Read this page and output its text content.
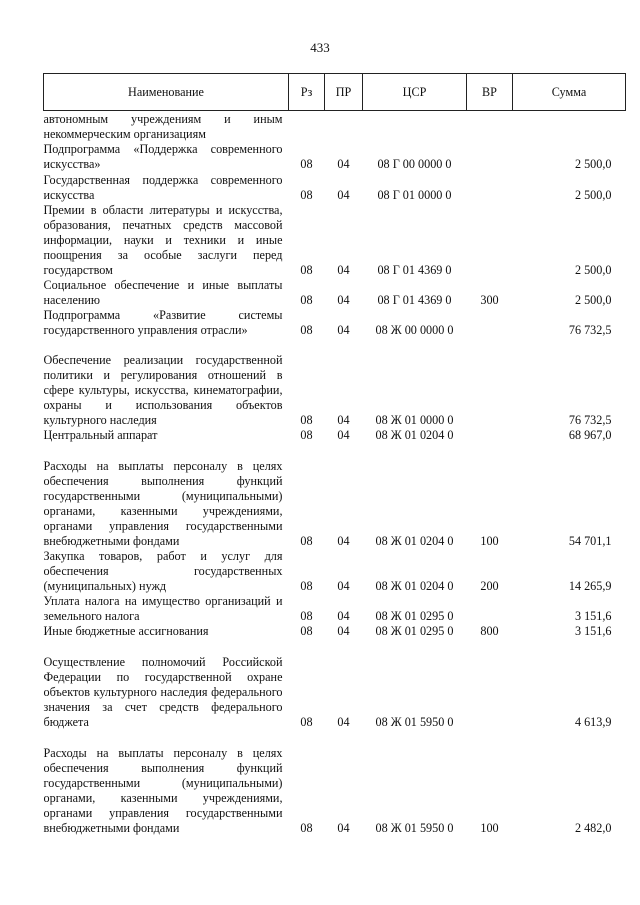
433
Наименование	Рз	ПР	ЦСР	ВР	Сумма
автономным учреждениям и иным некоммерческим организациям					
Подпрограмма «Поддержка современного искусства»	08	04	08 Г 00 0000 0		2 500,0
Государственная поддержка современного искусства	08	04	08 Г 01 0000 0		2 500,0
Премии в области литературы и искусства, образования, печатных средств массовой информации, науки и техники и иные поощрения за особые заслуги перед государством	08	04	08 Г 01 4369 0		2 500,0
Социальное обеспечение и иные выплаты населению	08	04	08 Г 01 4369 0	300	2 500,0
Подпрограмма «Развитие системы государственного управления отрасли»	08	04	08 Ж 00 0000 0		76 732,5
Обеспечение реализации государственной политики и регулирования отношений в сфере культуры, искусства, кинематографии, охраны и использования объектов культурного наследия	08	04	08 Ж 01 0000 0		76 732,5
Центральный аппарат	08	04	08 Ж 01 0204 0		68 967,0
Расходы на выплаты персоналу в целях обеспечения выполнения функций государственными (муниципальными) органами, казенными учреждениями, органами управления государственными внебюджетными фондами	08	04	08 Ж 01 0204 0	100	54 701,1
Закупка товаров, работ и услуг для обеспечения государственных (муниципальных) нужд	08	04	08 Ж 01 0204 0	200	14 265,9
Уплата налога на имущество организаций и земельного налога	08	04	08 Ж 01 0295 0		3 151,6
Иные бюджетные ассигнования	08	04	08 Ж 01 0295 0	800	3 151,6
Осуществление полномочий Российской Федерации по государственной охране объектов культурного наследия федерального значения за счет средств федерального бюджета	08	04	08 Ж 01 5950 0		4 613,9
Расходы на выплаты персоналу в целях обеспечения выполнения функций государственными (муниципальными) органами, казенными учреждениями, органами управления государственными внебюджетными фондами	08	04	08 Ж 01 5950 0	100	2 482,0
